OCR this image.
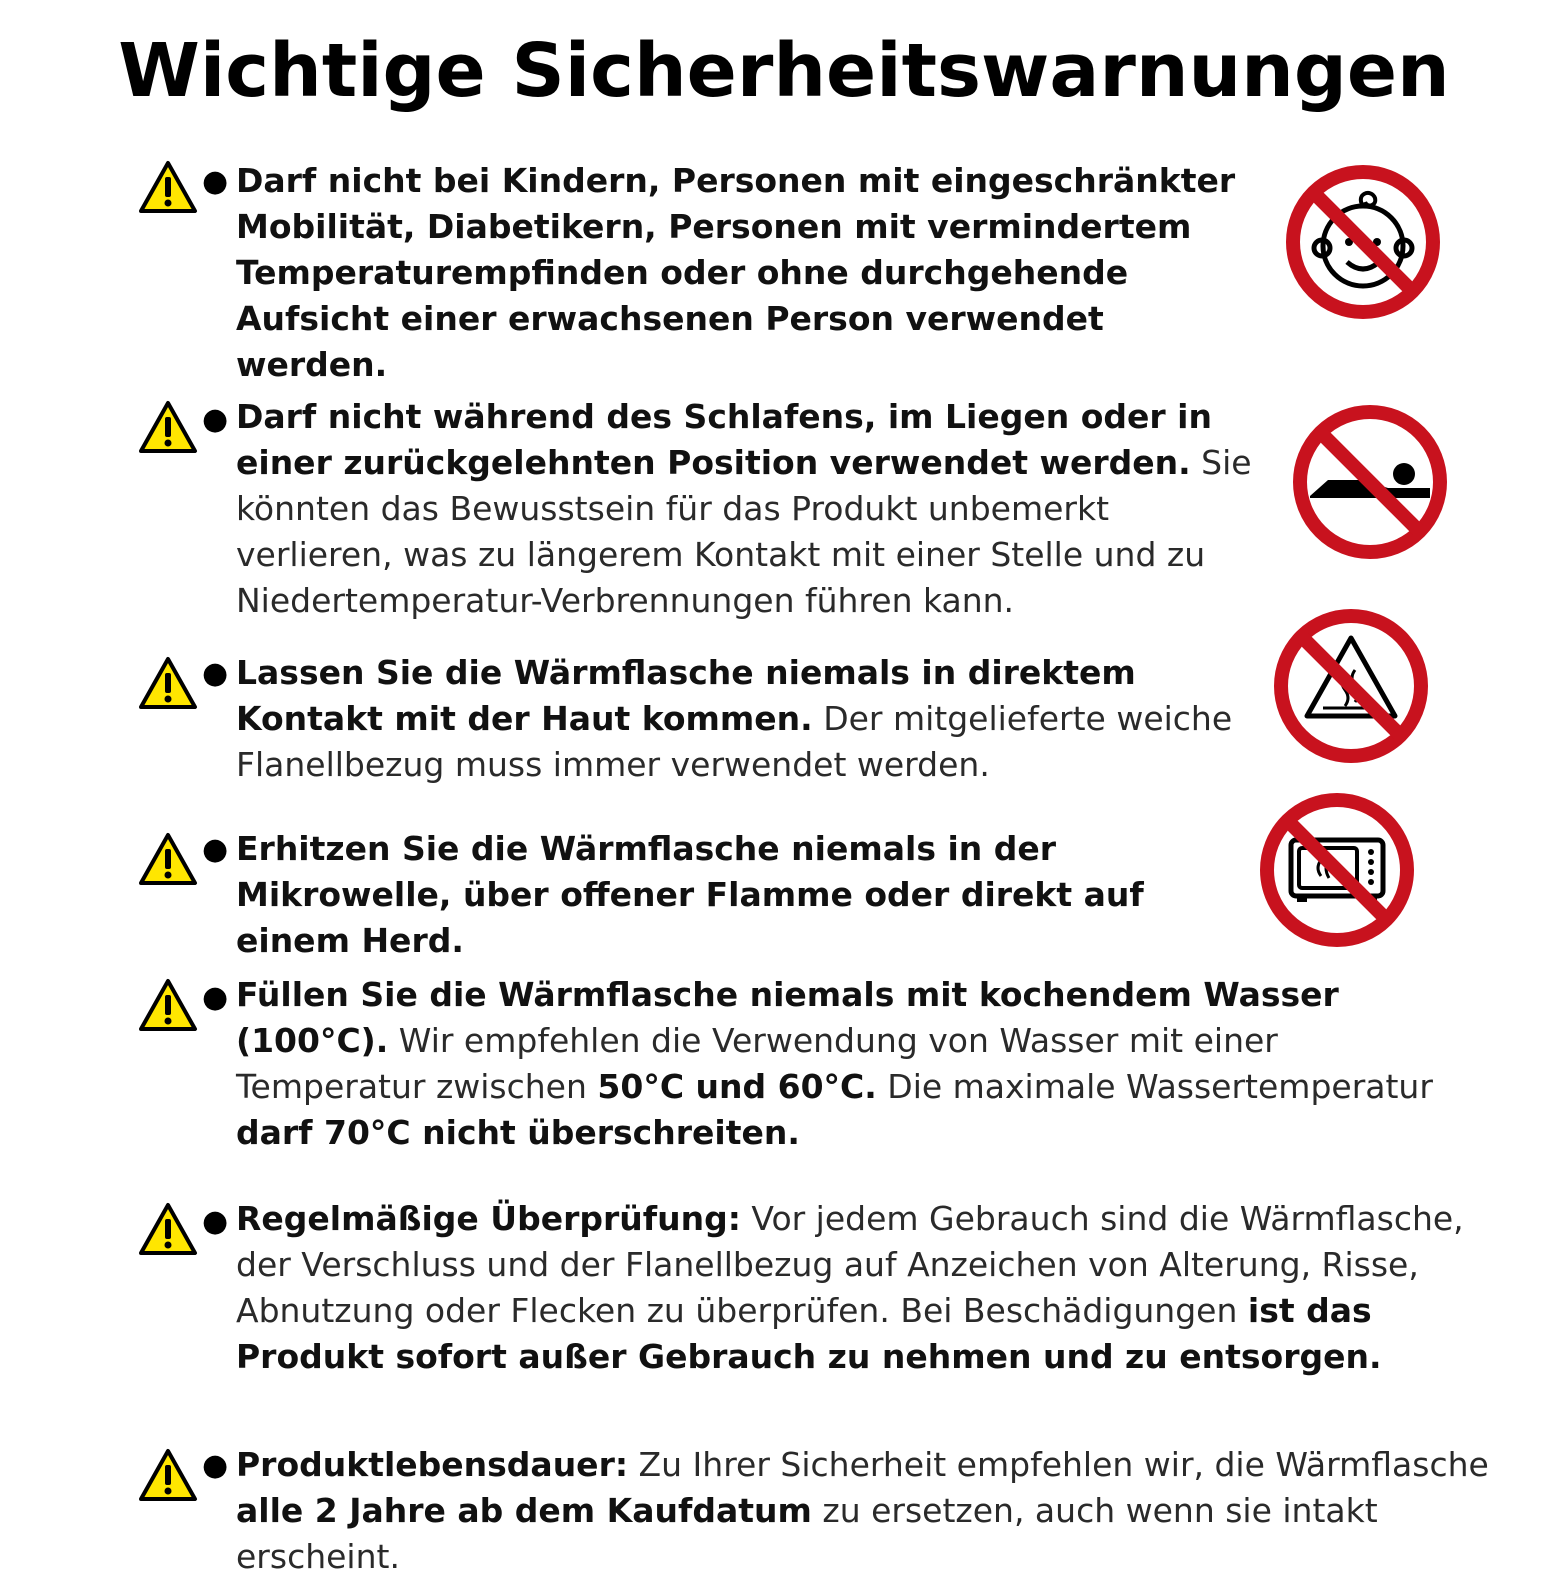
Wichtige Sicherheitswarnungen
● Darf nicht bei Kindern, Personen mit eingeschränkter Mobilität, Diabetikern, Personen mit vermindertem Temperaturempfinden oder ohne durchgehende Aufsicht einer erwachsenen Person verwendet werden.
● Darf nicht während des Schlafens, im Liegen oder in einer zurückgelehnten Position verwendet werden. Sie könnten das Bewusstsein für das Produkt unbemerkt verlieren, was zu längerem Kontakt mit einer Stelle und zu Niedertemperatur-Verbrennungen führen kann.
● Lassen Sie die Wärmflasche niemals in direktem Kontakt mit der Haut kommen. Der mitgelieferte weiche Flanellbezug muss immer verwendet werden.
● Erhitzen Sie die Wärmflasche niemals in der Mikrowelle, über offener Flamme oder direkt auf einem Herd.
● Füllen Sie die Wärmflasche niemals mit kochendem Wasser (100°C). Wir empfehlen die Verwendung von Wasser mit einer Temperatur zwischen 50°C und 60°C. Die maximale Wassertemperatur darf 70°C nicht überschreiten.
● Regelmäßige Überprüfung: Vor jedem Gebrauch sind die Wärmflasche, der Verschluss und der Flanellbezug auf Anzeichen von Alterung, Risse, Abnutzung oder Flecken zu überprüfen. Bei Beschädigungen ist das Produkt sofort außer Gebrauch zu nehmen und zu entsorgen.
● Produktlebensdauer: Zu Ihrer Sicherheit empfehlen wir, die Wärmflasche alle 2 Jahre ab dem Kaufdatum zu ersetzen, auch wenn sie intakt erscheint.
